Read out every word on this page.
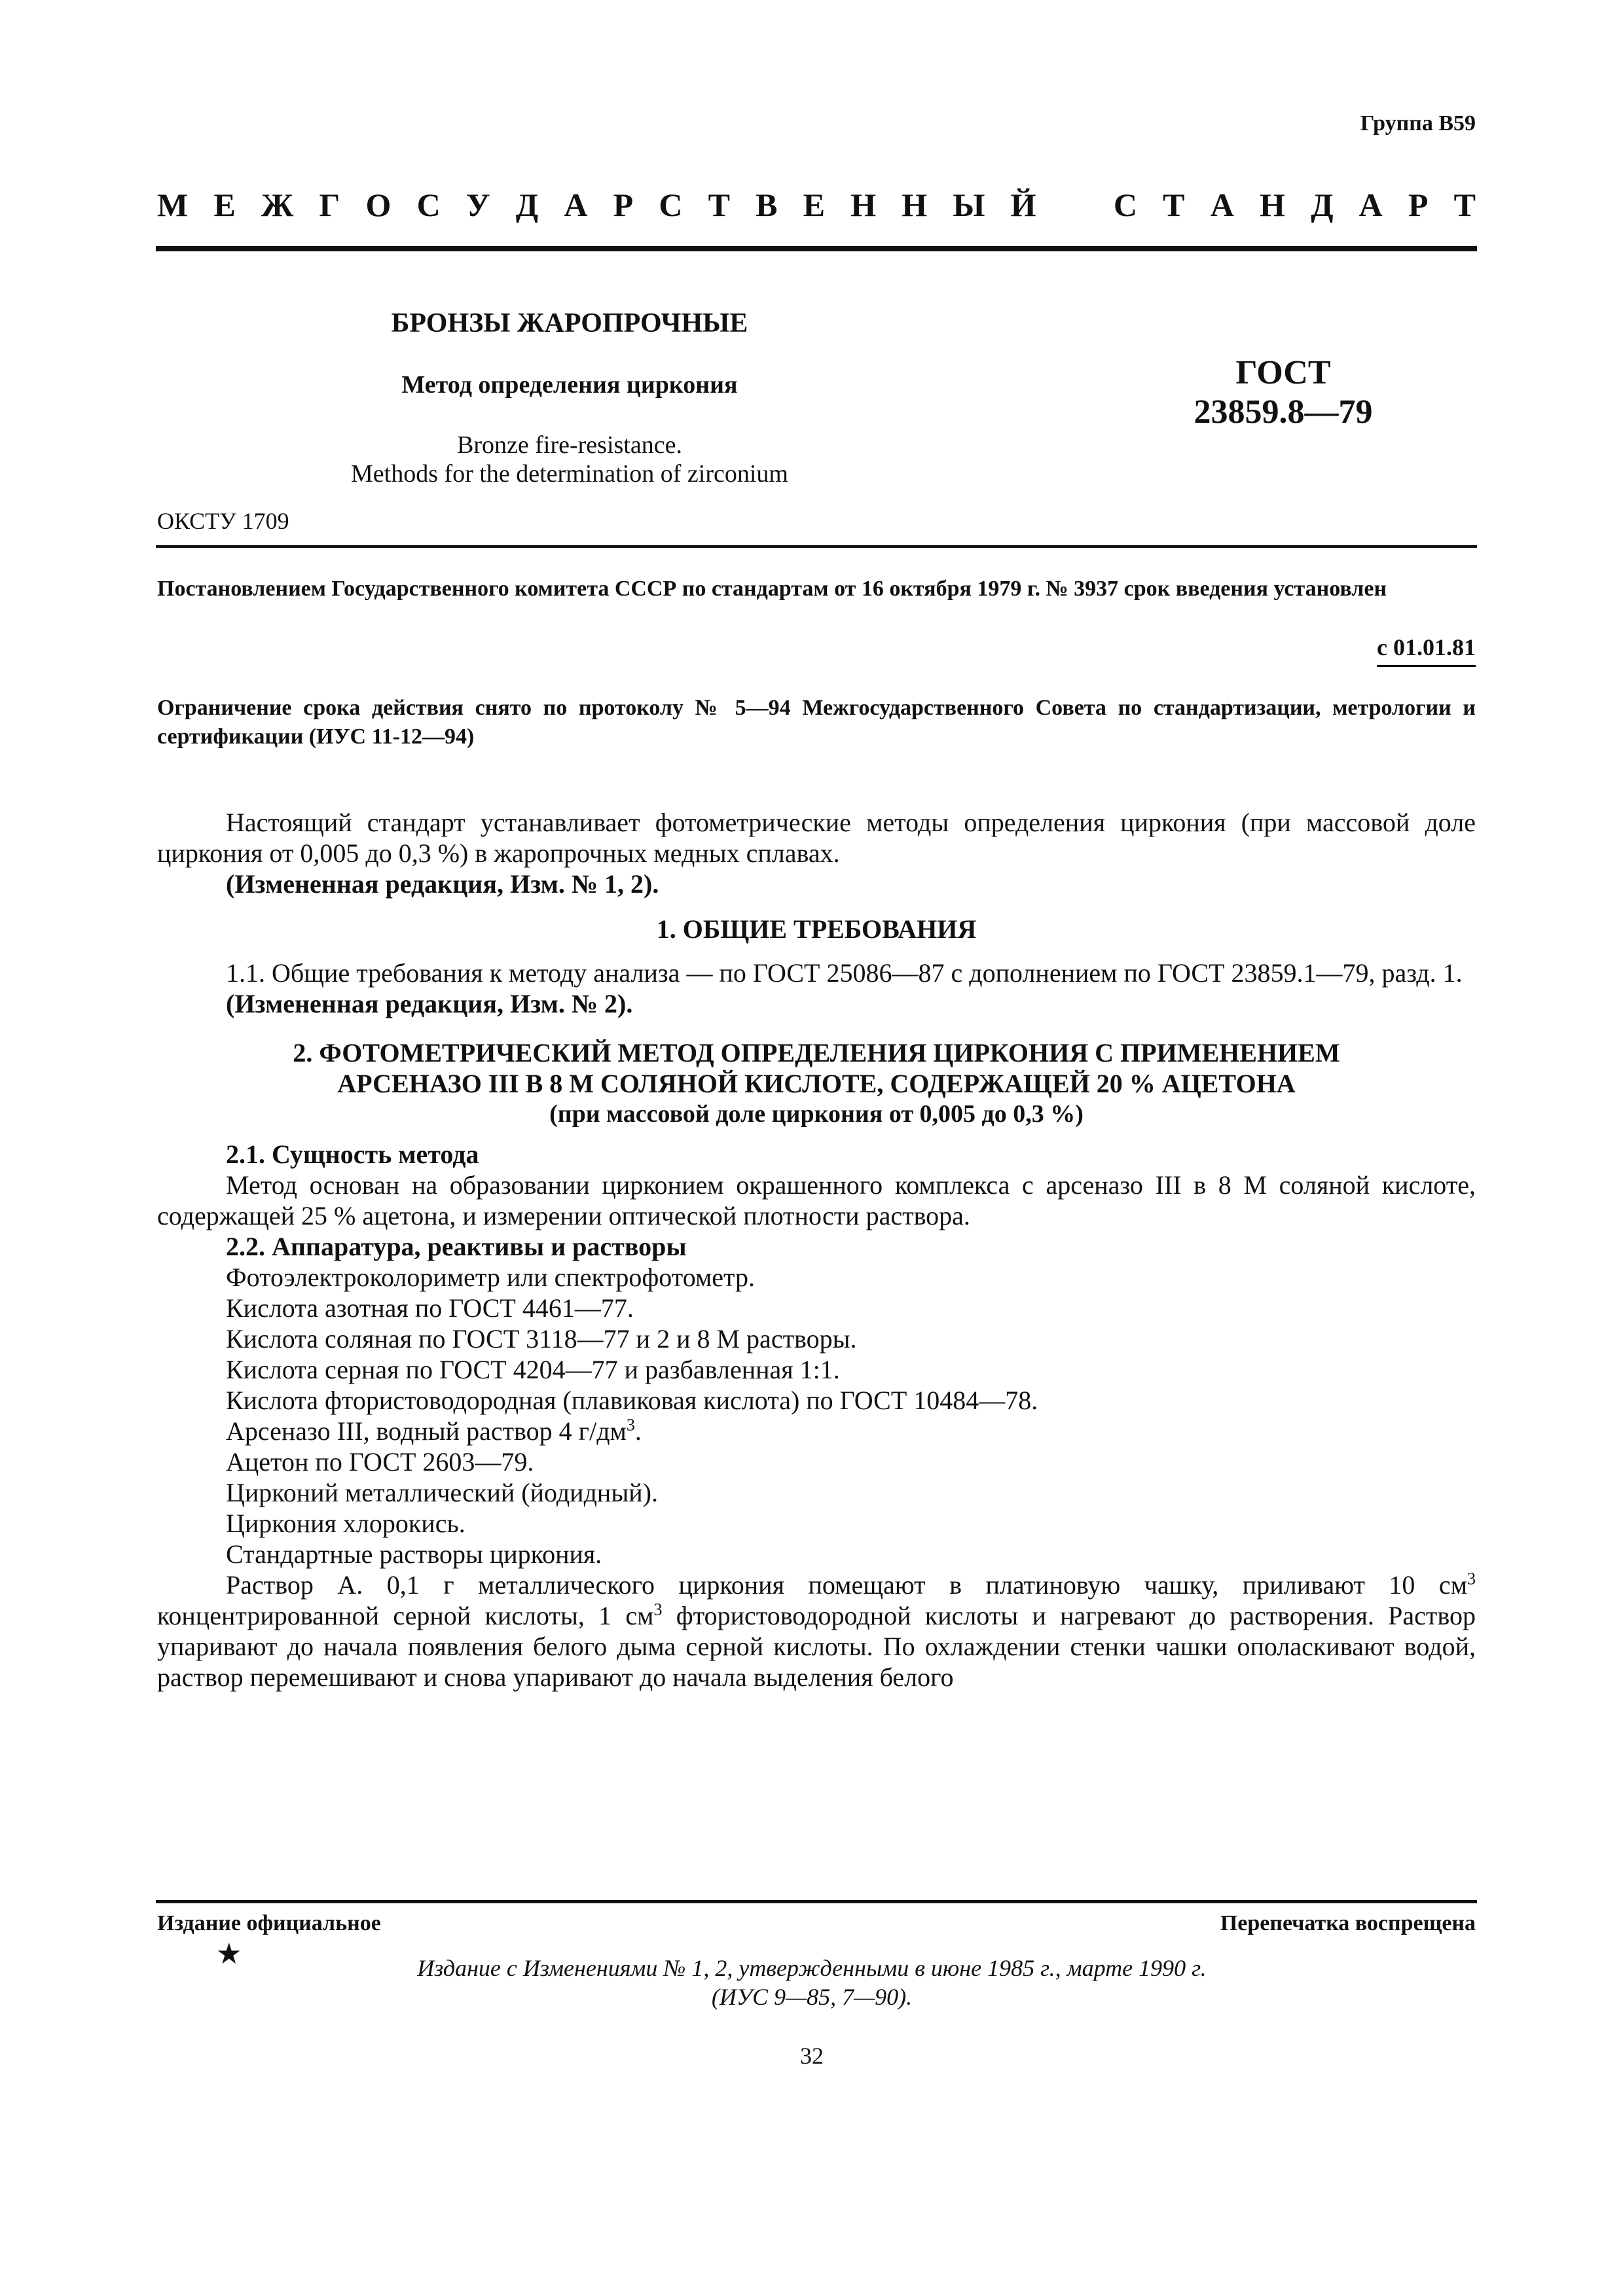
Группа В59
М Е Ж Г О С У Д А Р С Т В Е Н Н Ы Й С Т А Н Д А Р Т
БРОНЗЫ ЖАРОПРОЧНЫЕ
Метод определения циркония
Bronze fire-resistance.
Methods for the determination of zirconium
ГОСТ
23859.8—79
ОКСТУ 1709
Постановлением Государственного комитета СССР по стандартам от 16 октября 1979 г. № 3937 срок введения установлен
с 01.01.81
Ограничение срока действия снято по протоколу № 5—94 Межгосударственного Совета по стандартизации, метрологии и сертификации (ИУС 11-12—94)

Настоящий стандарт устанавливает фотометрические методы определения циркония (при массовой доле циркония от 0,005 до 0,3 %) в жаропрочных медных сплавах.

(Измененная редакция, Изм. № 1, 2).

1. ОБЩИЕ ТРЕБОВАНИЯ

1.1. Общие требования к методу анализа — по ГОСТ 25086—87 с дополнением по ГОСТ 23859.1—79, разд. 1.

(Измененная редакция, Изм. № 2).

2. ФОТОМЕТРИЧЕСКИЙ МЕТОД ОПРЕДЕЛЕНИЯ ЦИРКОНИЯ С ПРИМЕНЕНИЕМ
АРСЕНАЗО III В 8 М СОЛЯНОЙ КИСЛОТЕ, СОДЕРЖАЩЕЙ 20 % АЦЕТОНА
(при массовой доле циркония от 0,005 до 0,3 %)

2.1. Сущность метода

Метод основан на образовании цирконием окрашенного комплекса с арсеназо III в 8 М соляной кислоте, содержащей 25 % ацетона, и измерении оптической плотности раствора.

2.2. Аппаратура, реактивы и растворы

Фотоэлектроколориметр или спектрофотометр.

Кислота азотная по ГОСТ 4461—77.

Кислота соляная по ГОСТ 3118—77 и 2 и 8 М растворы.

Кислота серная по ГОСТ 4204—77 и разбавленная 1:1.

Кислота фтористоводородная (плавиковая кислота) по ГОСТ 10484—78.

Арсеназо III, водный раствор 4 $г/дм^3$.

Ацетон по ГОСТ 2603—79.

Цирконий металлический (йодидный).

Циркония хлорокись.

Стандартные растворы циркония.

Раствор А. 0,1 г металлического циркония помещают в платиновую чашку, приливают 10 $см^3$ концентрированной серной кислоты, 1 $см^3$ фтористоводородной кислоты и нагревают до растворения. Раствор упаривают до начала появления белого дыма серной кислоты. По охлаждении стенки чашки ополаскивают водой, раствор перемешивают и снова упаривают до начала выделения белого

Издание официальное	Перепечатка воспрещена
★	Издание с Изменениями № 1, 2, утвержденными в июне 1985 г., марте 1990 г.
(ИУС 9—85, 7—90).
32
